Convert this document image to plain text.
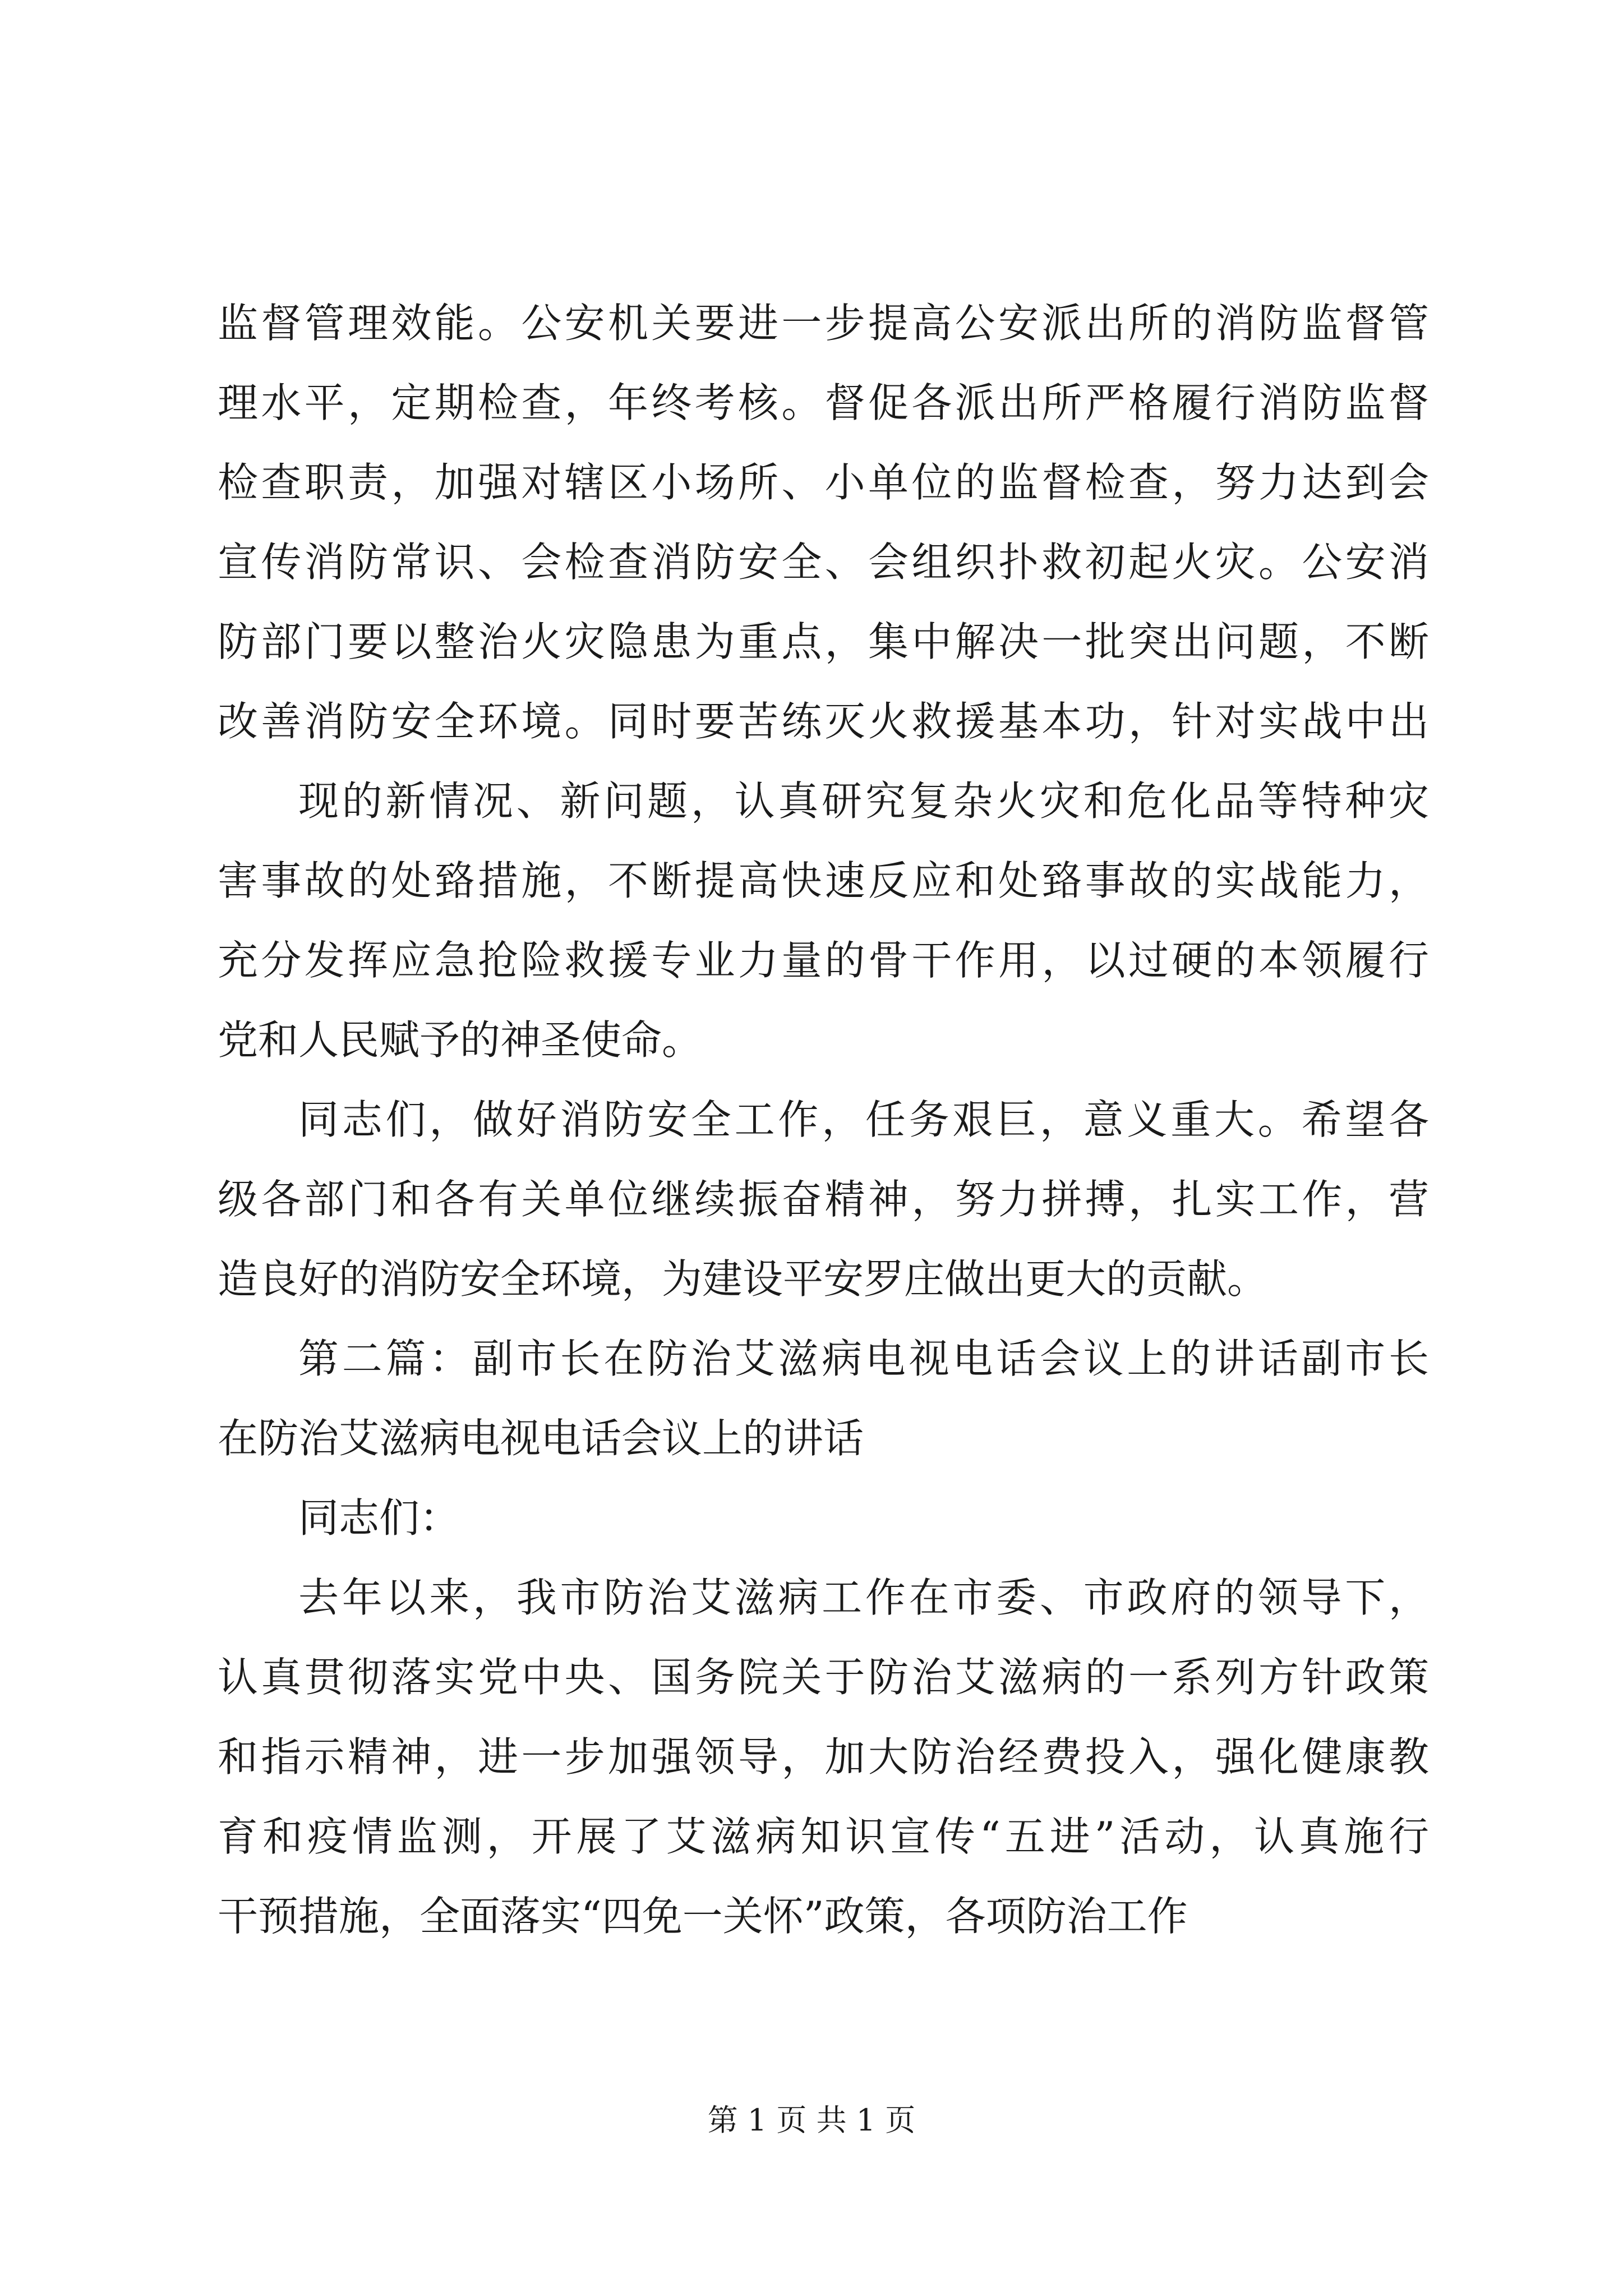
监督管理效能。公安机关要进一步提高公安派出所的消防监督管
理水平，定期检查，年终考核。督促各派出所严格履行消防监督
检查职责，加强对辖区小场所、小单位的监督检查，努力达到会
宣传消防常识、会检查消防安全、会组织扑救初起火灾。公安消
防部门要以整治火灾隐患为重点，集中解决一批突出问题，不断
改善消防安全环境。同时要苦练灭火救援基本功，针对实战中出
现的新情况、新问题，认真研究复杂火灾和危化品等特种灾
害事故的处臵措施，不断提高快速反应和处臵事故的实战能力，
充分发挥应急抢险救援专业力量的骨干作用，以过硬的本领履行
党和人民赋予的神圣使命。
同志们，做好消防安全工作，任务艰巨，意义重大。希望各
级各部门和各有关单位继续振奋精神，努力拼搏，扎实工作，营
造良好的消防安全环境，为建设平安罗庄做出更大的贡献。
第二篇：副市长在防治艾滋病电视电话会议上的讲话副市长
在防治艾滋病电视电话会议上的讲话
同志们：
去年以来，我市防治艾滋病工作在市委、市政府的领导下，
认真贯彻落实党中央、国务院关于防治艾滋病的一系列方针政策
和指示精神，进一步加强领导，加大防治经费投入，强化健康教
育和疫情监测，开展了艾滋病知识宣传“五进”活动，认真施行
干预措施，全面落实“四免一关怀”政策，各项防治工作
第 1 页 共 1 页
